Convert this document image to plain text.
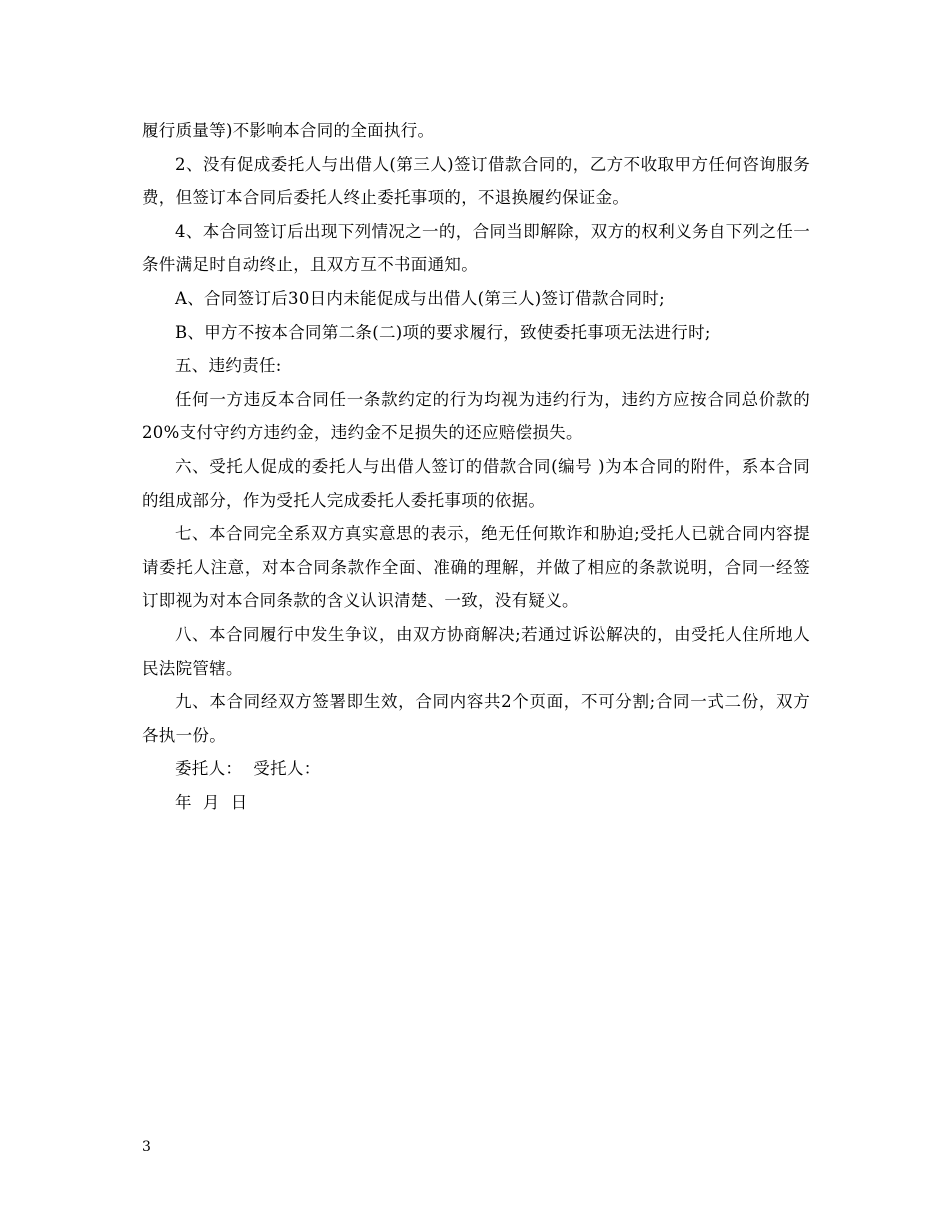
履行质量等)不影响本合同的全面执行。

2、没有促成委托人与出借人(第三人)签订借款合同的，乙方不收取甲方任何咨询服务费，但签订本合同后委托人终止委托事项的，不退换履约保证金。

4、本合同签订后出现下列情况之一的，合同当即解除，双方的权利义务自下列之任一条件满足时自动终止，且双方互不书面通知。

A、合同签订后30日内未能促成与出借人(第三人)签订借款合同时;

B、甲方不按本合同第二条(二)项的要求履行，致使委托事项无法进行时;

五、违约责任:

任何一方违反本合同任一条款约定的行为均视为违约行为，违约方应按合同总价款的20%支付守约方违约金，违约金不足损失的还应赔偿损失。

六、受托人促成的委托人与出借人签订的借款合同(编号 )为本合同的附件，系本合同的组成部分，作为受托人完成委托人委托事项的依据。

七、本合同完全系双方真实意思的表示，绝无任何欺诈和胁迫;受托人已就合同内容提请委托人注意，对本合同条款作全面、准确的理解，并做了相应的条款说明，合同一经签订即视为对本合同条款的含义认识清楚、一致，没有疑义。

八、本合同履行中发生争议，由双方协商解决;若通过诉讼解决的，由受托人住所地人民法院管辖。

九、本合同经双方签署即生效，合同内容共2个页面，不可分割;合同一式二份，双方各执一份。

委托人：  受托人：

年  月  日

3
